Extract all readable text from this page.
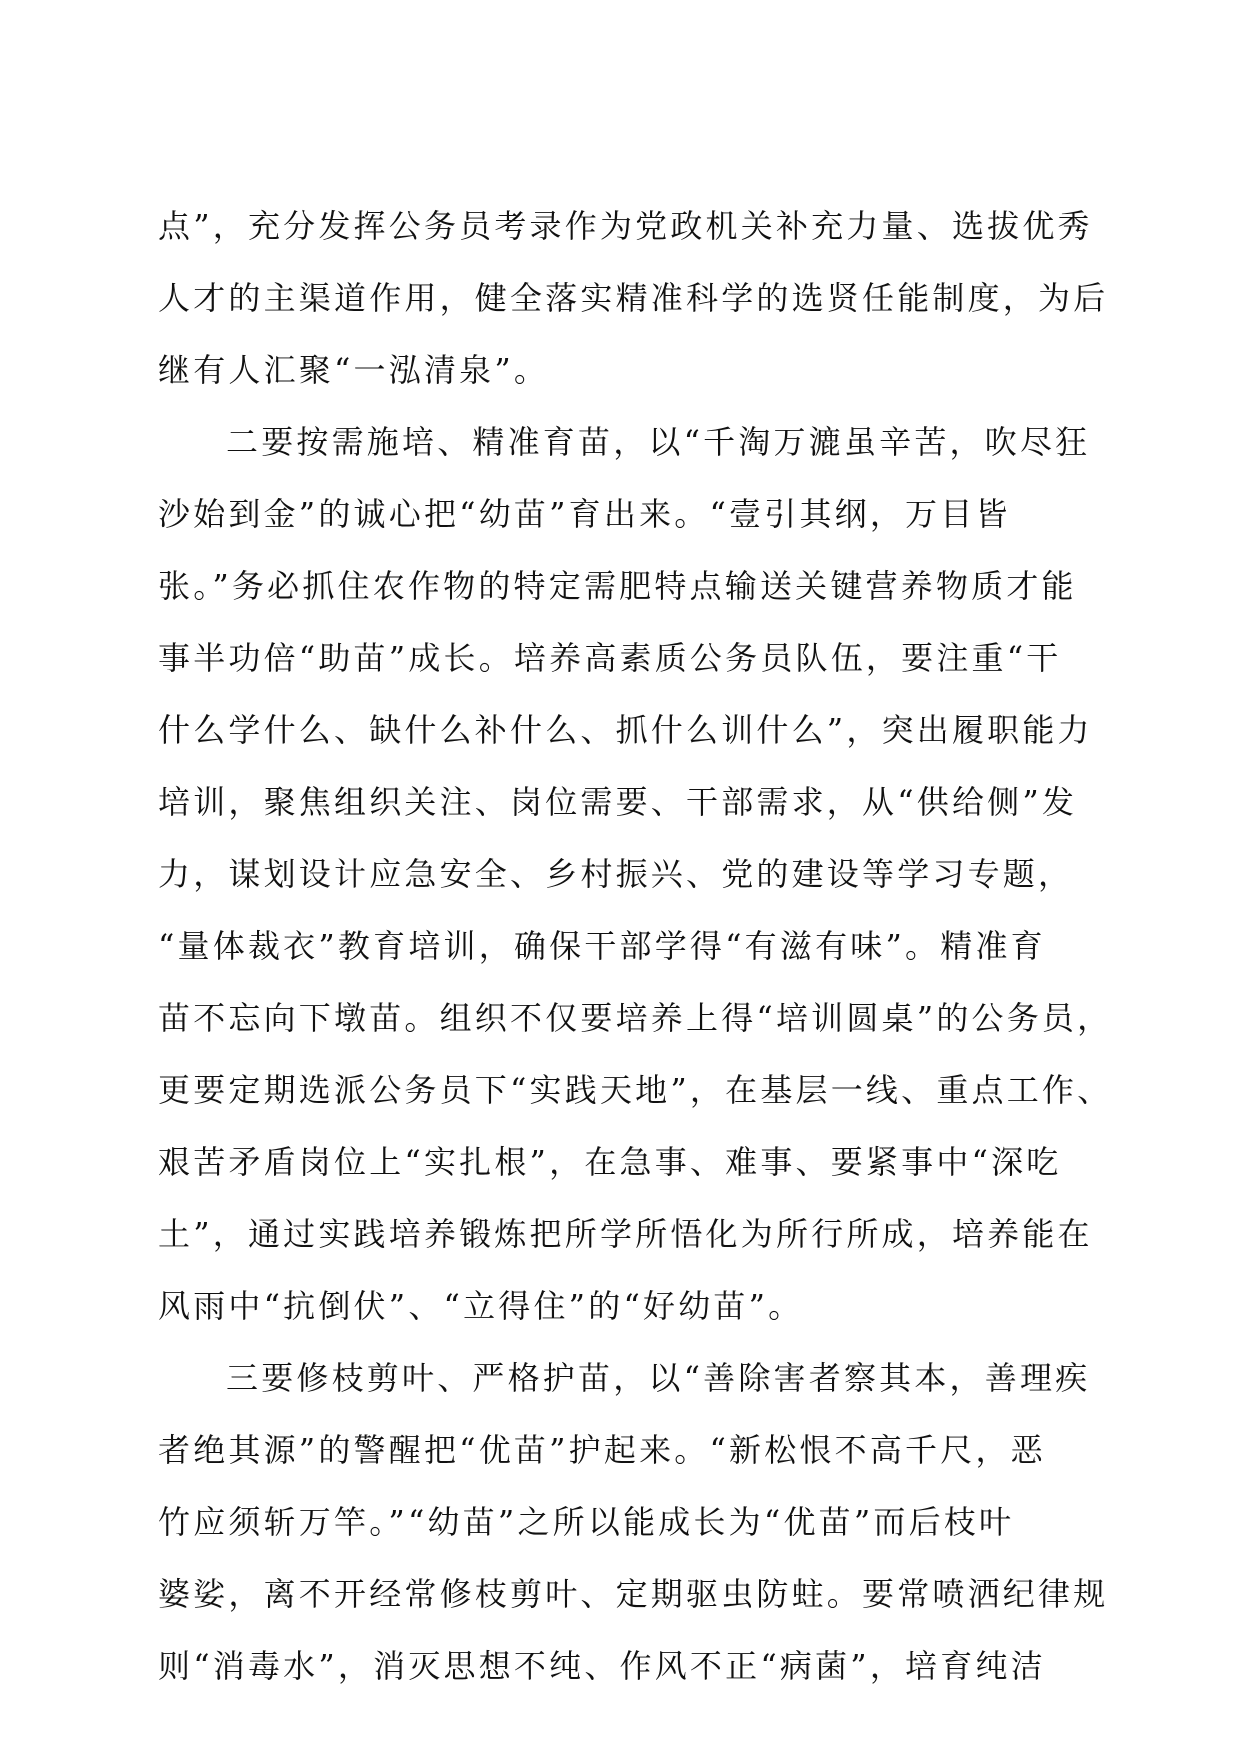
点”，充分发挥公务员考录作为党政机关补充力量、选拔优秀
人才的主渠道作用，健全落实精准科学的选贤任能制度，为后
继有人汇聚“一泓清泉”。
二要按需施培、精准育苗，以“千淘万漉虽辛苦，吹尽狂
沙始到金”的诚心把“幼苗”育出来。“壹引其纲，万目皆
张。”务必抓住农作物的特定需肥特点输送关键营养物质才能
事半功倍“助苗”成长。培养高素质公务员队伍，要注重“干
什么学什么、缺什么补什么、抓什么训什么”，突出履职能力
培训，聚焦组织关注、岗位需要、干部需求，从“供给侧”发
力，谋划设计应急安全、乡村振兴、党的建设等学习专题，
“量体裁衣”教育培训，确保干部学得“有滋有味”。精准育
苗不忘向下墩苗。组织不仅要培养上得“培训圆桌”的公务员，
更要定期选派公务员下“实践天地”，在基层一线、重点工作、
艰苦矛盾岗位上“实扎根”，在急事、难事、要紧事中“深吃
土”，通过实践培养锻炼把所学所悟化为所行所成，培养能在
风雨中“抗倒伏”、“立得住”的“好幼苗”。
三要修枝剪叶、严格护苗，以“善除害者察其本，善理疾
者绝其源”的警醒把“优苗”护起来。“新松恨不高千尺，恶
竹应须斩万竿。”“幼苗”之所以能成长为“优苗”而后枝叶
婆娑，离不开经常修枝剪叶、定期驱虫防蛀。要常喷洒纪律规
则“消毒水”，消灭思想不纯、作风不正“病菌”，培育纯洁
